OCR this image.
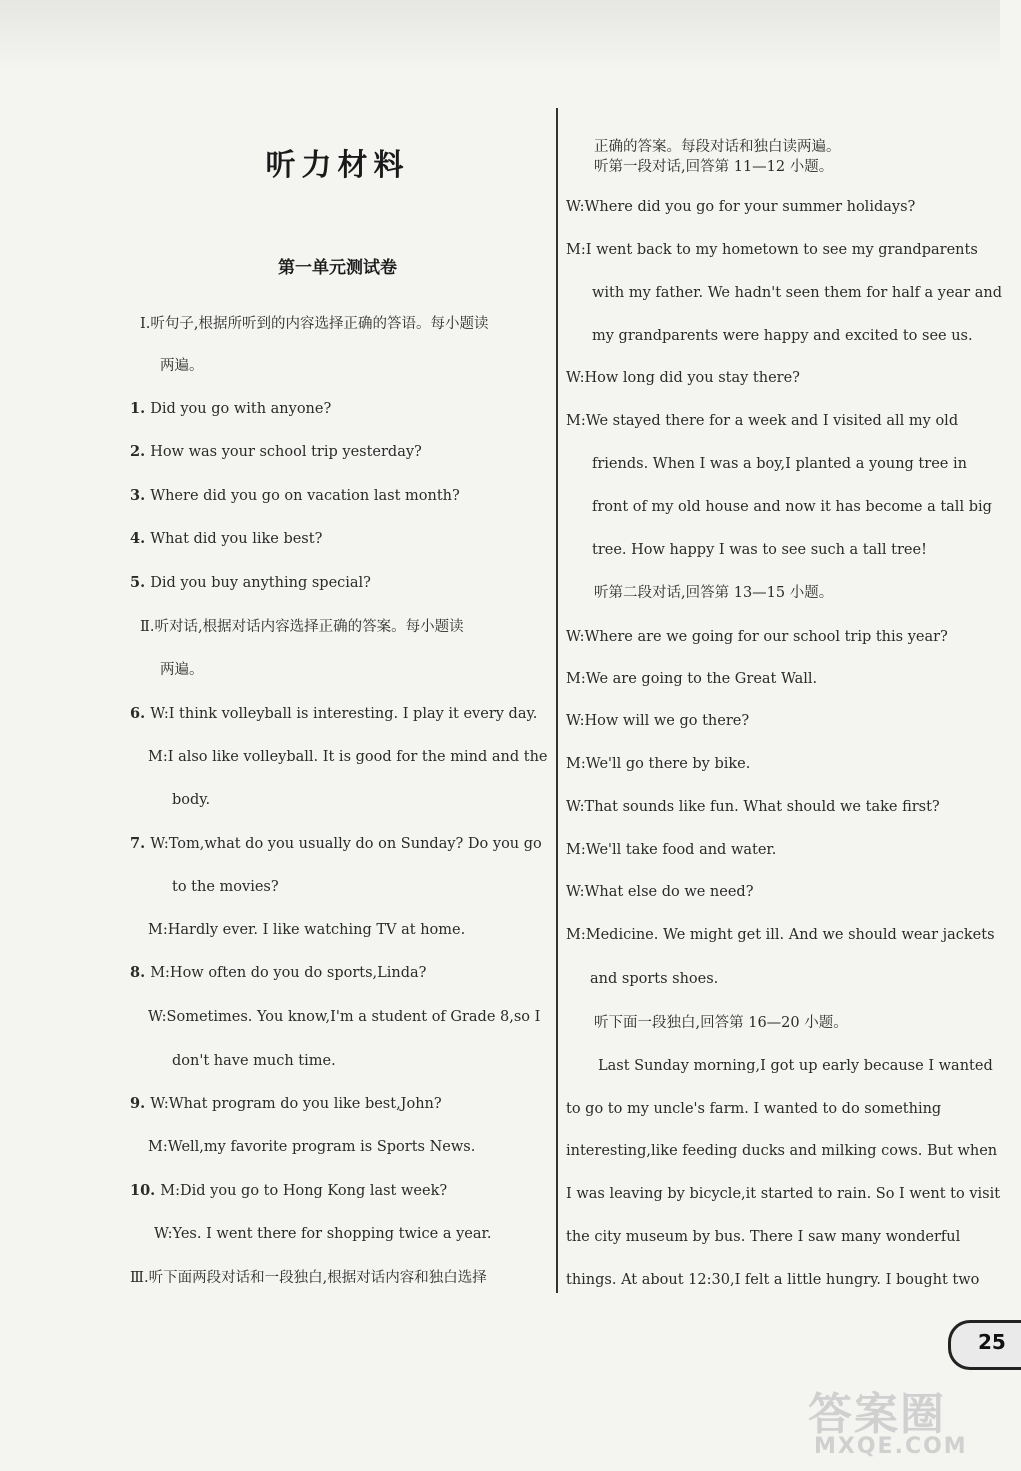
听力材料
第一单元测试卷
Ⅰ.听句子,根据所听到的内容选择正确的答语。每小题读
两遍。
1. Did you go with anyone?
2. How was your school trip yesterday?
3. Where did you go on vacation last month?
4. What did you like best?
5. Did you buy anything special?
Ⅱ.听对话,根据对话内容选择正确的答案。每小题读
两遍。
6. W:I think volleyball is interesting. I play it every day.
M:I also like volleyball. It is good for the mind and the
body.
7. W:Tom,what do you usually do on Sunday? Do you go
to the movies?
M:Hardly ever. I like watching TV at home.
8. M:How often do you do sports,Linda?
W:Sometimes. You know,I'm a student of Grade 8,so I
don't have much time.
9. W:What program do you like best,John?
M:Well,my favorite program is Sports News.
10. M:Did you go to Hong Kong last week?
W:Yes. I went there for shopping twice a year.
Ⅲ.听下面两段对话和一段独白,根据对话内容和独白选择
正确的答案。每段对话和独白读两遍。
听第一段对话,回答第 11—12 小题。
W:Where did you go for your summer holidays?
M:I went back to my hometown to see my grandparents
with my father. We hadn't seen them for half a year and
my grandparents were happy and excited to see us.
W:How long did you stay there?
M:We stayed there for a week and I visited all my old
friends. When I was a boy,I planted a young tree in
front of my old house and now it has become a tall big
tree. How happy I was to see such a tall tree!
听第二段对话,回答第 13—15 小题。
W:Where are we going for our school trip this year?
M:We are going to the Great Wall.
W:How will we go there?
M:We'll go there by bike.
W:That sounds like fun. What should we take first?
M:We'll take food and water.
W:What else do we need?
M:Medicine. We might get ill. And we should wear jackets
and sports shoes.
听下面一段独白,回答第 16—20 小题。
Last Sunday morning,I got up early because I wanted
to go to my uncle's farm. I wanted to do something
interesting,like feeding ducks and milking cows. But when
I was leaving by bicycle,it started to rain. So I went to visit
the city museum by bus. There I saw many wonderful
things. At about 12:30,I felt a little hungry. I bought two
25
答案圈
MXQE.COM
